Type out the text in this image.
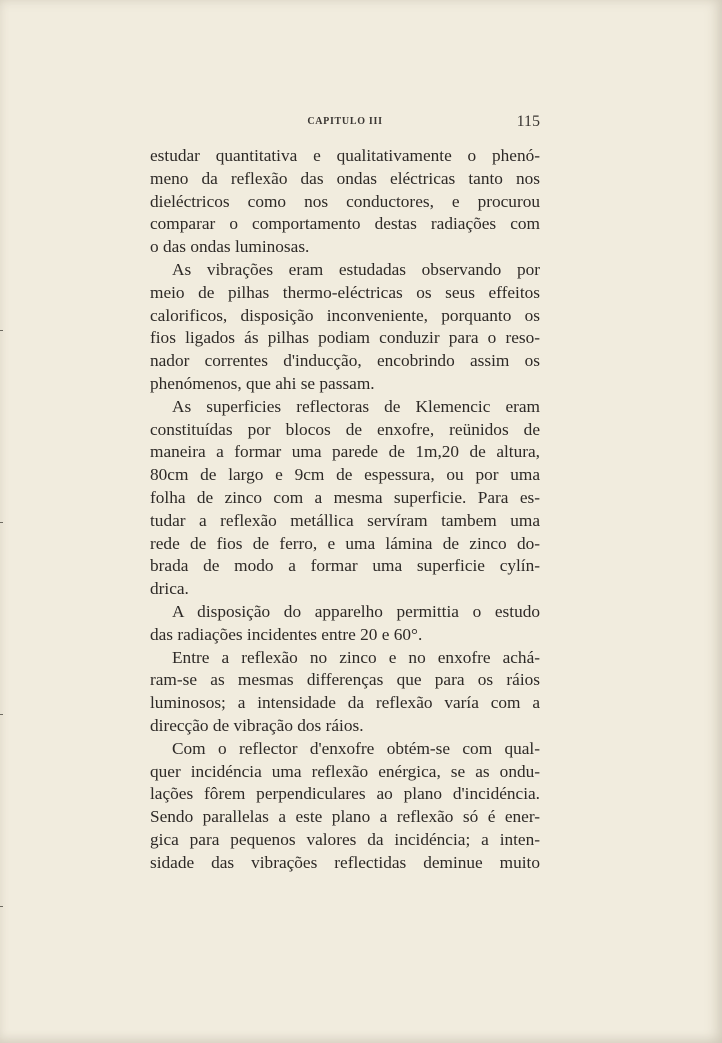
CAPITULO III	115
estudar quantitativa e qualitativamente o phenó-
meno da reflexão das ondas eléctricas tanto nos
dieléctricos como nos conductores, e procurou
comparar o comportamento destas radiações com
o das ondas luminosas.
As vibrações eram estudadas observando por
meio de pilhas thermo-eléctricas os seus effeitos
calorificos, disposição inconveniente, porquanto os
fios ligados ás pilhas podiam conduzir para o reso-
nador correntes d'inducção, encobrindo assim os
phenómenos, que ahi se passam.
As superficies reflectoras de Klemencic eram
constituídas por blocos de enxofre, reünidos de
maneira a formar uma parede de 1m,20 de altura,
80cm de largo e 9cm de espessura, ou por uma
folha de zinco com a mesma superficie. Para es-
tudar a reflexão metállica servíram tambem uma
rede de fios de ferro, e uma lámina de zinco do-
brada de modo a formar uma superficie cylín-
drica.
A disposição do apparelho permittia o estudo
das radiações incidentes entre 20 e 60°.
Entre a reflexão no zinco e no enxofre achá-
ram-se as mesmas differenças que para os ráios
luminosos; a intensidade da reflexão varía com a
direcção de vibração dos ráios.
Com o reflector d'enxofre obtém-se com qual-
quer incidéncia uma reflexão enérgica, se as ondu-
lações fôrem perpendiculares ao plano d'incidéncia.
Sendo parallelas a este plano a reflexão só é ener-
gica para pequenos valores da incidéncia; a inten-
sidade das vibrações reflectidas deminue muito
